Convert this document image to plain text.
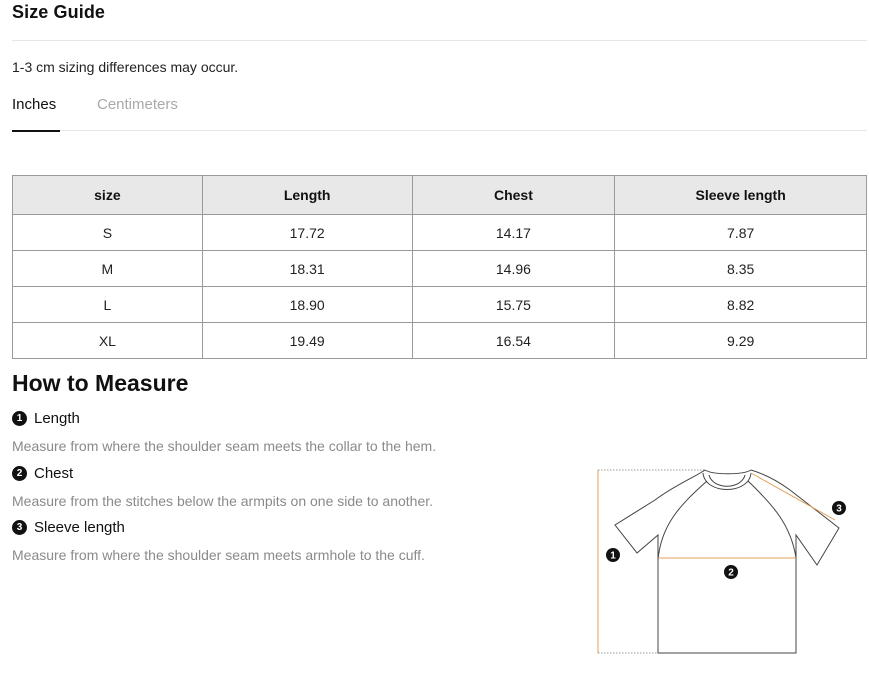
Size Guide
1-3 cm sizing differences may occur.
Inches	Centimeters
size	Length	Chest	Sleeve length
S	17.72	14.17	7.87
M	18.31	14.96	8.35
L	18.90	15.75	8.82
XL	19.49	16.54	9.29
How to Measure
1 Length
Measure from where the shoulder seam meets the collar to the hem.
2 Chest
Measure from the stitches below the armpits on one side to another.
3 Sleeve length
Measure from where the shoulder seam meets armhole to the cuff.	1
2
3
